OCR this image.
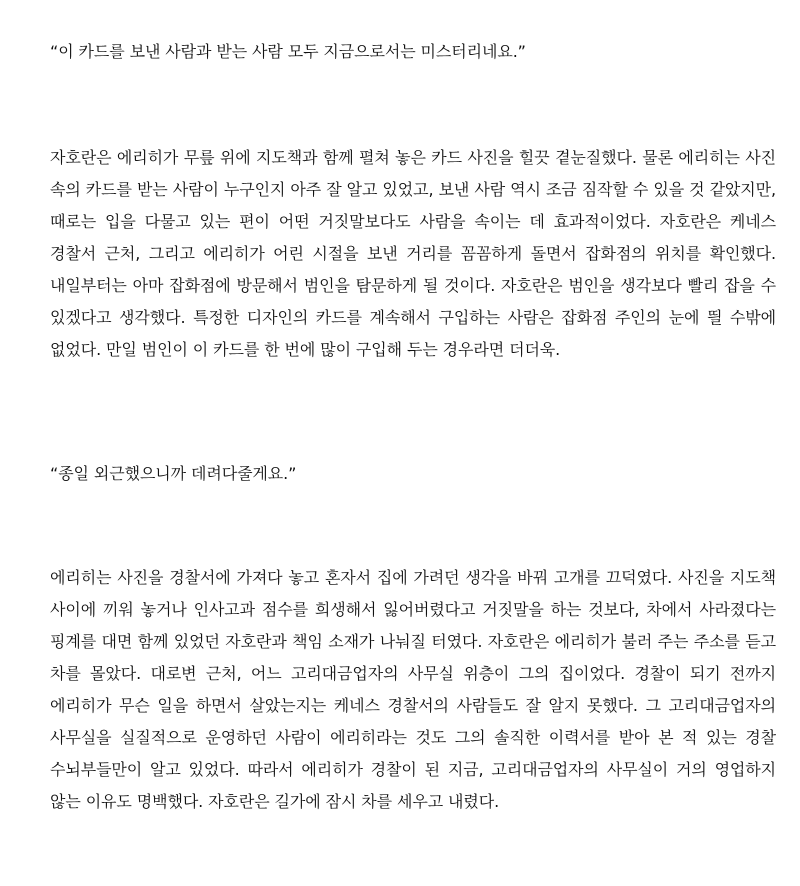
“이 카드를 보낸 사람과 받는 사람 모두 지금으로서는 미스터리네요.”

자호란은 에리히가 무릎 위에 지도책과 함께 펼쳐 놓은 카드 사진을 힐끗 곁눈질했다. 물론 에리히는 사진 속의 카드를 받는 사람이 누구인지 아주 잘 알고 있었고, 보낸 사람 역시 조금 짐작할 수 있을 것 같았지만, 때로는 입을 다물고 있는 편이 어떤 거짓말보다도 사람을 속이는 데 효과적이었다. 자호란은 케네스 경찰서 근처, 그리고 에리히가 어린 시절을 보낸 거리를 꼼꼼하게 돌면서 잡화점의 위치를 확인했다. 내일부터는 아마 잡화점에 방문해서 범인을 탐문하게 될 것이다. 자호란은 범인을 생각보다 빨리 잡을 수 있겠다고 생각했다. 특정한 디자인의 카드를 계속해서 구입하는 사람은 잡화점 주인의 눈에 띌 수밖에 없었다. 만일 범인이 이 카드를 한 번에 많이 구입해 두는 경우라면 더더욱.

“종일 외근했으니까 데려다줄게요.”

에리히는 사진을 경찰서에 가져다 놓고 혼자서 집에 가려던 생각을 바꿔 고개를 끄덕였다. 사진을 지도책 사이에 끼워 놓거나 인사고과 점수를 희생해서 잃어버렸다고 거짓말을 하는 것보다, 차에서 사라졌다는 핑계를 대면 함께 있었던 자호란과 책임 소재가 나눠질 터였다. 자호란은 에리히가 불러 주는 주소를 듣고 차를 몰았다. 대로변 근처, 어느 고리대금업자의 사무실 위층이 그의 집이었다. 경찰이 되기 전까지 에리히가 무슨 일을 하면서 살았는지는 케네스 경찰서의 사람들도 잘 알지 못했다. 그 고리대금업자의 사무실을 실질적으로 운영하던 사람이 에리히라는 것도 그의 솔직한 이력서를 받아 본 적 있는 경찰 수뇌부들만이 알고 있었다. 따라서 에리히가 경찰이 된 지금, 고리대금업자의 사무실이 거의 영업하지 않는 이유도 명백했다. 자호란은 길가에 잠시 차를 세우고 내렸다.
